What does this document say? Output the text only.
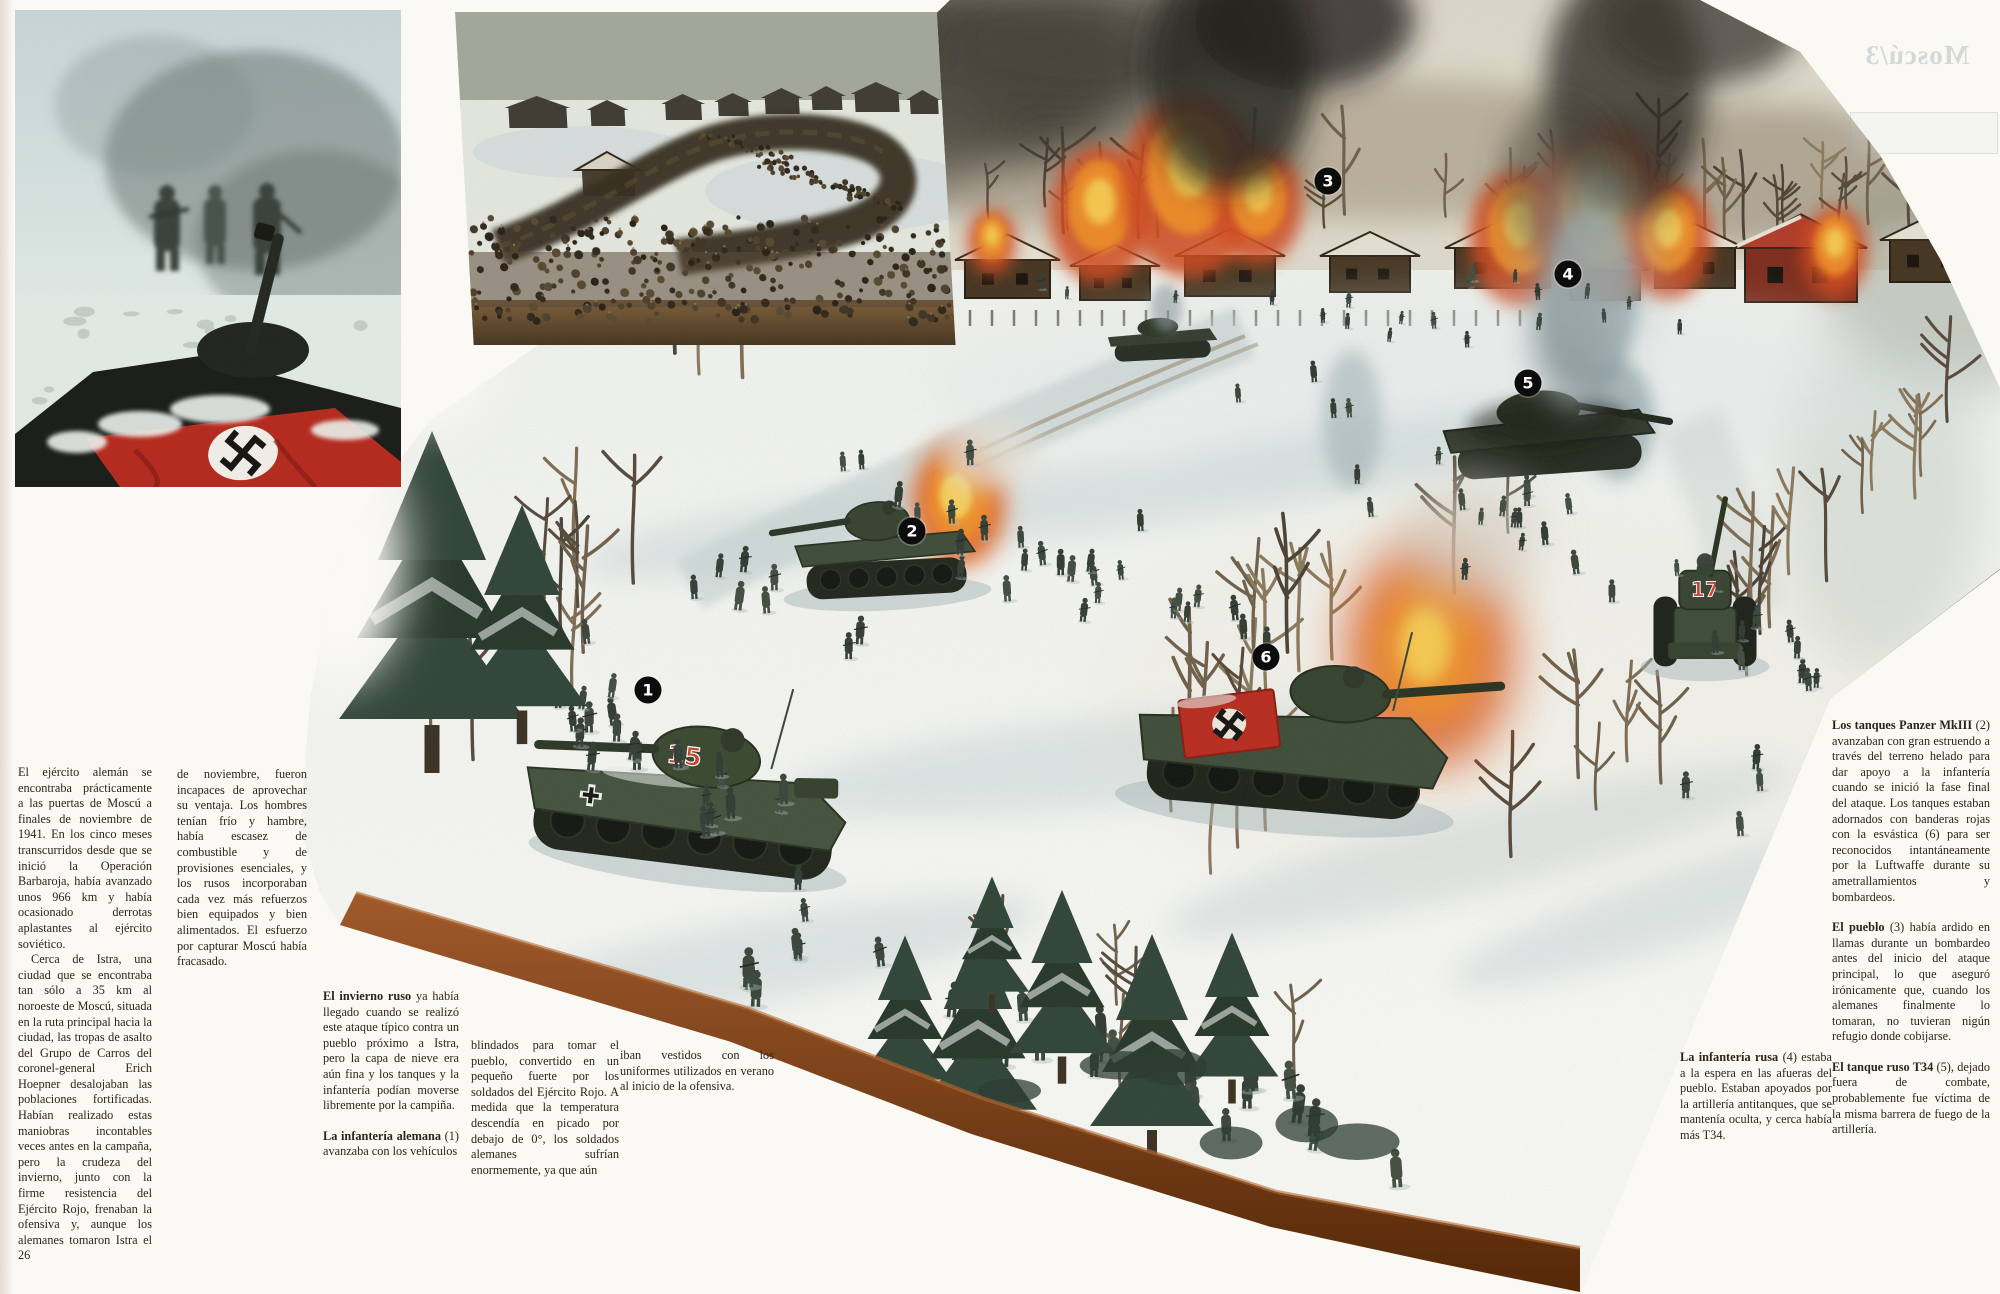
Moscú/3

El ejército alemán se encontraba prácticamente a las puertas de Moscú a finales de noviembre de 1941. En los cinco meses transcurridos desde que se inició la Operación Barbaroja, había avanzado unos 966 km y había ocasionado derrotas aplastantes al ejército soviético.

Cerca de Istra, una ciudad que se encontraba tan sólo a 35 km al noroeste de Moscú, situada en la ruta principal hacia la ciudad, las tropas de asalto del Grupo de Carros del coronel-general Erich Hoepner desalojaban las poblaciones fortificadas. Habían realizado estas maniobras incontables veces antes en la campaña, pero la crudeza del invierno, junto con la firme resistencia del Ejército Rojo, frenaban la ofensiva y, aunque los alemanes tomaron Istra el 26

de noviembre, fueron incapaces de aprovechar su ventaja. Los hombres tenían frío y hambre, había escasez de combustible y de provisiones esenciales, y los rusos incorporaban cada vez más refuerzos bien equipados y bien alimentados. El esfuerzo por capturar Moscú había fracasado.

El invierno ruso ya había llegado cuando se realizó este ataque típico contra un pueblo próximo a Istra, pero la capa de nieve era aún fina y los tanques y la infantería podían moverse libremente por la campiña.

La infantería alemana (1) avanzaba con los vehículos

blindados para tomar el pueblo, convertido en un pequeño fuerte por los soldados del Ejército Rojo. A medida que la temperatura descendía en picado por debajo de 0°, los soldados alemanes sufrían enormemente, ya que aún

iban vestidos con los uniformes utilizados en verano al inicio de la ofensiva.

Los tanques Panzer MkIII (2) avanzaban con gran estruendo a través del terreno helado para dar apoyo a la infantería cuando se inició la fase final del ataque. Los tanques estaban adornados con banderas rojas con la esvástica (6) para ser reconocidos intantáneamente por la Luftwaffe durante su ametrallamientos y bombardeos.

El pueblo (3) había ardido en llamas durante un bombardeo antes del inicio del ataque principal, lo que aseguró irónicamente que, cuando los alemanes finalmente lo tomaran, no tuvieran nigún refugio donde cobijarse.

El tanque ruso T34 (5), dejado fuera de combate, probablemente fue víctima de la misma barrera de fuego de la artillería.

La infantería rusa (4) estaba a la espera en las afueras del pueblo. Estaban apoyados por la artillería antitanques, que se mantenía oculta, y cerca había más T34.

1
2
3
4
5
6
